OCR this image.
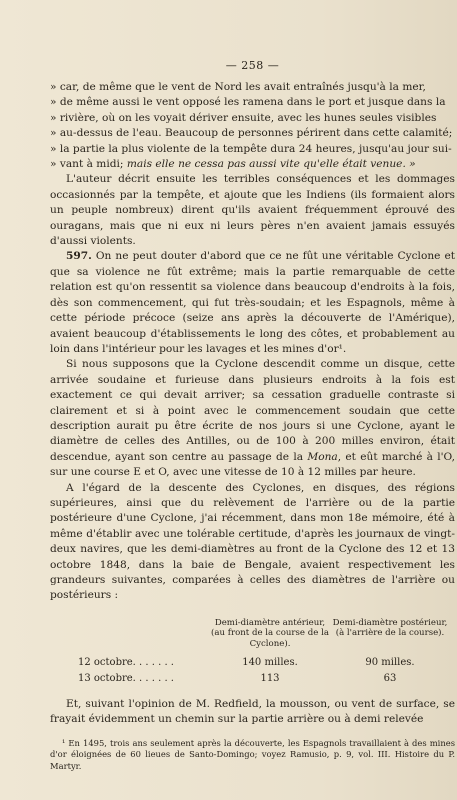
— 258 —

» car, de même que le vent de Nord les avait entraînés jusqu'à la mer,

» de même aussi le vent opposé les ramena dans le port et jusque dans la

» rivière, où on les voyait dériver ensuite, avec les hunes seules visibles

» au-dessus de l'eau. Beaucoup de personnes périrent dans cette calamité;

» la partie la plus violente de la tempête dura 24 heures, jusqu'au jour sui-

» vant à midi; mais elle ne cessa pas aussi vite qu'elle était venue. »

L'auteur décrit ensuite les terribles conséquences et les dommages occasionnés par la tempête, et ajoute que les Indiens (ils formaient alors un peuple nombreux) dirent qu'ils avaient fréquemment éprouvé des ouragans, mais que ni eux ni leurs pères n'en avaient jamais essuyés d'aussi violents.

597. On ne peut douter d'abord que ce ne fût une véritable Cyclone et que sa violence ne fût extrême; mais la partie remarquable de cette relation est qu'on ressentit sa violence dans beaucoup d'endroits à la fois, dès son commencement, qui fut très-soudain; et les Espagnols, même à cette période précoce (seize ans après la découverte de l'Amérique), avaient beaucoup d'établissements le long des côtes, et probablement au loin dans l'intérieur pour les lavages et les mines d'or¹.

Si nous supposons que la Cyclone descendit comme un disque, cette arrivée soudaine et furieuse dans plusieurs endroits à la fois est exactement ce qui devait arriver; sa cessation graduelle contraste si clairement et si à point avec le commencement soudain que cette description aurait pu être écrite de nos jours si une Cyclone, ayant le diamètre de celles des Antilles, ou de 100 à 200 milles environ, était descendue, ayant son centre au passage de la Mona, et eût marché à l'O, sur une course E et O, avec une vitesse de 10 à 12 milles par heure.

A l'égard de la descente des Cyclones, en disques, des régions supérieures, ainsi que du relèvement de l'arrière ou de la partie postérieure d'une Cyclone, j'ai récemment, dans mon 18e mémoire, été à même d'établir avec une tolérable certitude, d'après les journaux de vingt-deux navires, que les demi-diamètres au front de la Cyclone des 12 et 13 octobre 1848, dans la baie de Bengale, avaient respectivement les grandeurs suivantes, comparées à celles des diamètres de l'arrière ou postérieurs :

Demi-diamètre antérieur, (au front de la course de la Cyclone).
Demi-diamètre postérieur, (à l'arrière de la course).
12 octobre. . . . . . .	140 milles.	90 milles.
13 octobre. . . . . . .	113	63

Et, suivant l'opinion de M. Redfield, la mousson, ou vent de surface, se frayait évidemment un chemin sur la partie arrière ou à demi relevée

¹ En 1495, trois ans seulement après la découverte, les Espagnols travaillaient à des mines d'or éloignées de 60 lieues de Santo-Domingo; voyez Ramusio, p. 9, vol. III. Histoire du P. Martyr.
